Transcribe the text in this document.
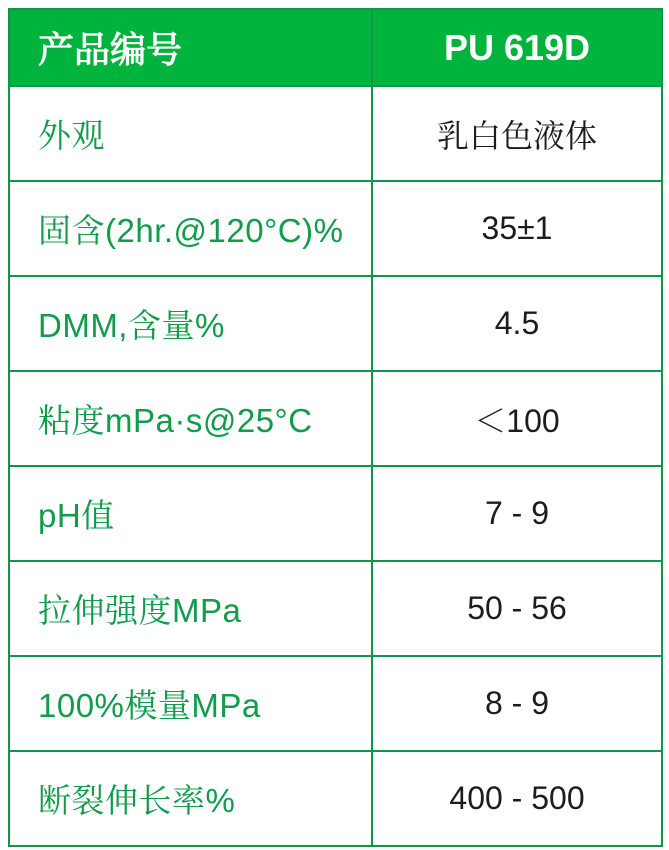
产品编号	PU 619D
外观	乳白色液体
固含(2hr.@120°C)%	35±1
DMM,含量%	4.5
粘度mPa·s@25°C	＜100
pH值	7 - 9
拉伸强度MPa	50 - 56
100%模量MPa	8 - 9
断裂伸长率%	400 - 500
